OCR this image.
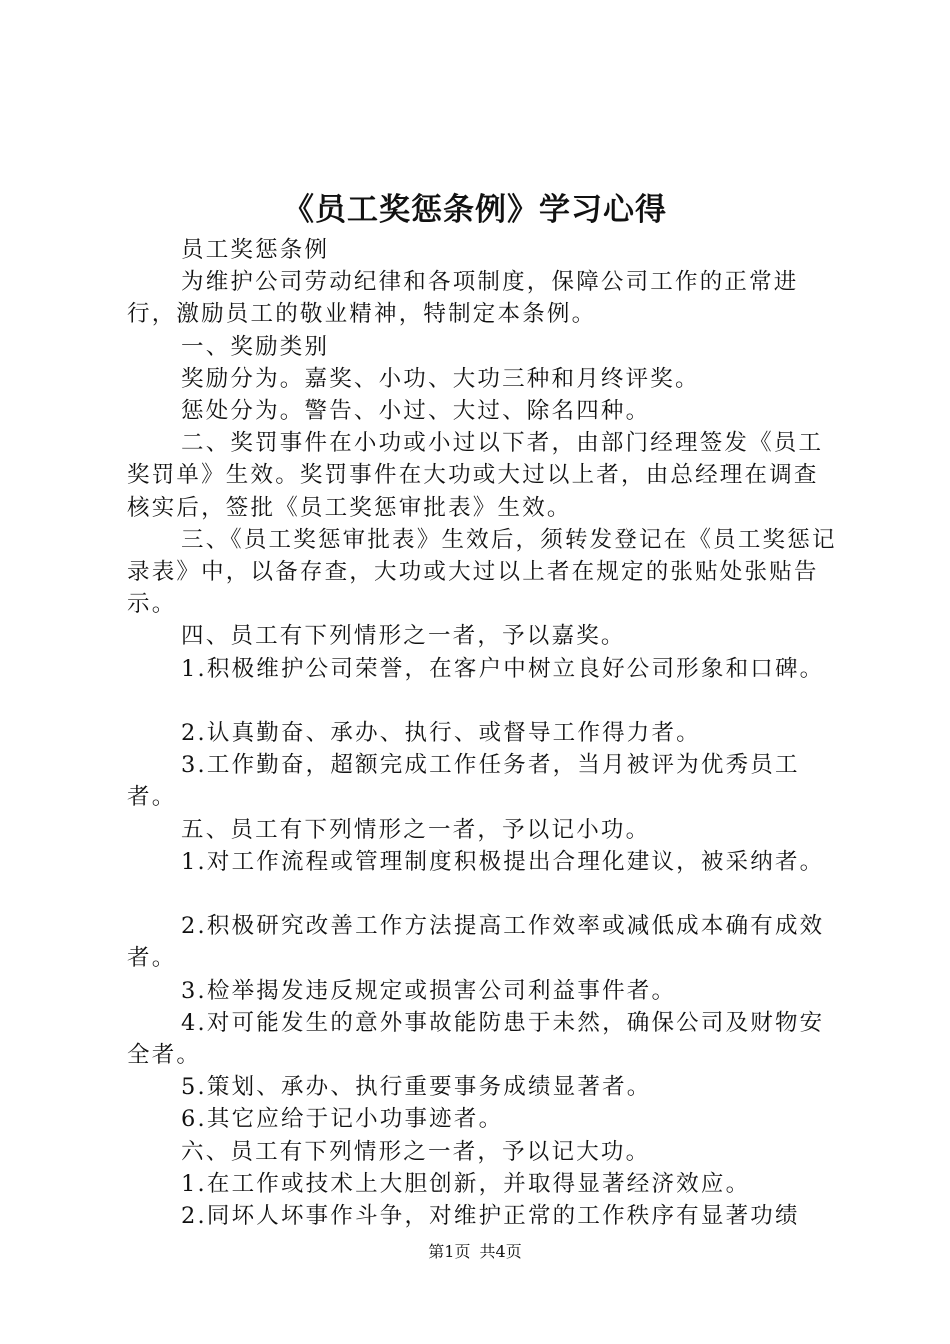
《员工奖惩条例》学习心得

员工奖惩条例

为维护公司劳动纪律和各项制度，保障公司工作的正常进行，激励员工的敬业精神，特制定本条例。

一、奖励类别

奖励分为。嘉奖、小功、大功三种和月终评奖。

惩处分为。警告、小过、大过、除名四种。

二、奖罚事件在小功或小过以下者，由部门经理签发《员工奖罚单》生效。奖罚事件在大功或大过以上者，由总经理在调查核实后，签批《员工奖惩审批表》生效。

三、《员工奖惩审批表》生效后，须转发登记在《员工奖惩记录表》中，以备存查，大功或大过以上者在规定的张贴处张贴告示。

四、员工有下列情形之一者，予以嘉奖。

1.积极维护公司荣誉，在客户中树立良好公司形象和口碑。

2.认真勤奋、承办、执行、或督导工作得力者。

3.工作勤奋，超额完成工作任务者，当月被评为优秀员工者。

五、员工有下列情形之一者，予以记小功。

1.对工作流程或管理制度积极提出合理化建议，被采纳者。

2.积极研究改善工作方法提高工作效率或减低成本确有成效者。

3.检举揭发违反规定或损害公司利益事件者。

4.对可能发生的意外事故能防患于未然，确保公司及财物安全者。

5.策划、承办、执行重要事务成绩显著者。

6.其它应给于记小功事迹者。

六、员工有下列情形之一者，予以记大功。

1.在工作或技术上大胆创新，并取得显著经济效应。

2.同坏人坏事作斗争，对维护正常的工作秩序有显著功绩

第1页 共4页
